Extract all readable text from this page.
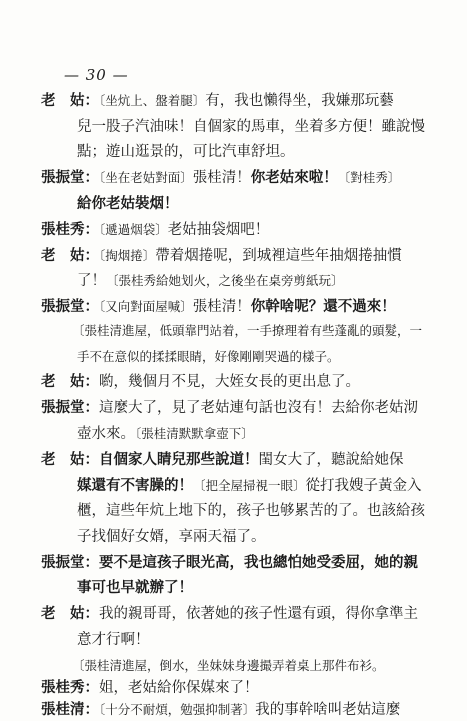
— 30 —
老　姑：〔坐炕上、盤着腿〕有，我也懶得坐，我嫌那玩藝
兒一股子汽油味！自個家的馬車，坐着多方便！雖說慢
點；遊山逛景的，可比汽車舒坦。
張振堂：〔坐在老姑對面〕張桂清！你老姑來啦！〔對桂秀〕
給你老姑裝烟！
張桂秀：〔遞過烟袋〕老姑抽袋烟吧！
老　姑：〔掏烟捲〕帶着烟捲呢，到城裡這些年抽烟捲抽慣
了！〔張桂秀給她划火，之後坐在桌旁剪紙玩〕
張振堂：〔又向對面屋喊〕張桂清！你幹啥呢？還不過來！
〔張桂清進屋，低頭靠門站着，一手撩理着有些蓬亂的頭髮，一
手不在意似的揉揉眼睛，好像剛剛哭過的樣子。
老　姑：喲，幾個月不見，大姪女長的更出息了。
張振堂：這麼大了，見了老姑連句話也沒有！去給你老姑沏
壺水來。〔張桂清默默拿壺下〕
老　姑：自個家人睛兒那些說道！閨女大了，聽說給她保
媒還有不害臊的！〔把全屋掃視一眼〕從打我嫂子黃金入
櫃，這些年炕上地下的，孩子也够累苦的了。也該給孩
子找個好女婿，享兩天福了。
張振堂：要不是這孩子眼光高，我也總怕她受委屈，她的親
事可也早就辦了！
老　姑：我的親哥哥，依著她的孩子性還有頭，得你拿準主
意才行啊！
〔張桂清進屋，倒水，坐妹妹身邊撮弄着桌上那件布衫。
張桂秀：姐，老姑給你保媒來了！
張桂清：〔十分不耐煩，勉强抑制著〕我的事幹啥叫老姑這麼
